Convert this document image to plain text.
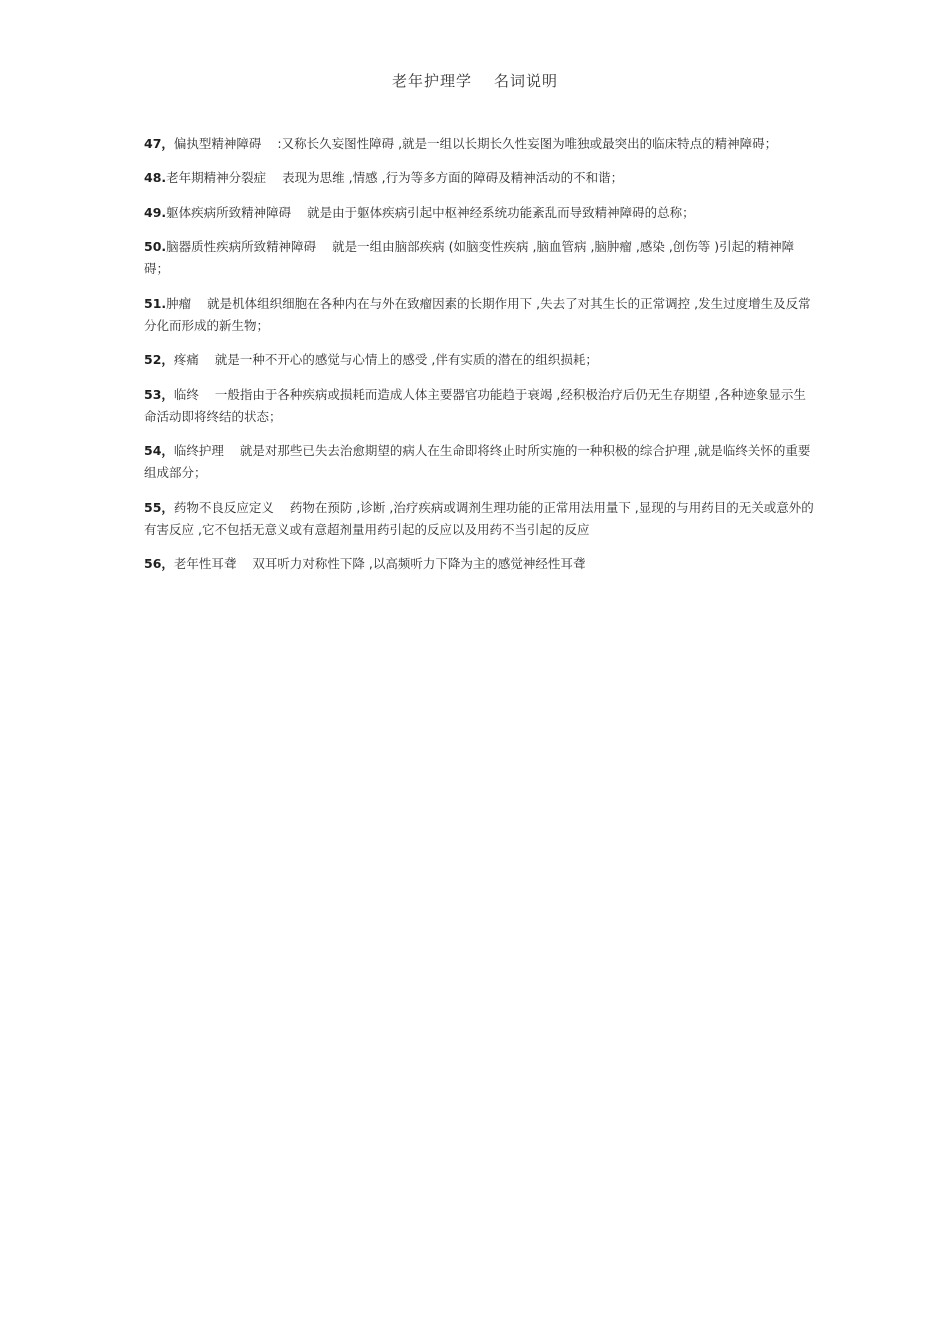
老年护理学 名词说明

47，偏执型精神障碍 :又称长久妄图性障碍 ,就是一组以长期长久性妄图为唯独或最突出的临床特点的精神障碍；

48.老年期精神分裂症 表现为思维 ,情感 ,行为等多方面的障碍及精神活动的不和谐；

49.躯体疾病所致精神障碍 就是由于躯体疾病引起中枢神经系统功能紊乱而导致精神障碍的总称；

50.脑器质性疾病所致精神障碍 就是一组由脑部疾病 (如脑变性疾病 ,脑血管病 ,脑肿瘤 ,感染 ,创伤等 )引起的精神障碍；

51.肿瘤 就是机体组织细胞在各种内在与外在致瘤因素的长期作用下 ,失去了对其生长的正常调控 ,发生过度增生及反常分化而形成的新生物；

52，疼痛 就是一种不开心的感觉与心情上的感受 ,伴有实质的潜在的组织损耗；

53，临终 一般指由于各种疾病或损耗而造成人体主要器官功能趋于衰竭 ,经积极治疗后仍无生存期望 ,各种迹象显示生命活动即将终结的状态；

54，临终护理 就是对那些已失去治愈期望的病人在生命即将终止时所实施的一种积极的综合护理 ,就是临终关怀的重要组成部分；

55，药物不良反应定义 药物在预防 ,诊断 ,治疗疾病或调剂生理功能的正常用法用量下 ,显现的与用药目的无关或意外的有害反应 ,它不包括无意义或有意超剂量用药引起的反应以及用药不当引起的反应

56，老年性耳聋 双耳听力对称性下降 ,以高频听力下降为主的感觉神经性耳聋
